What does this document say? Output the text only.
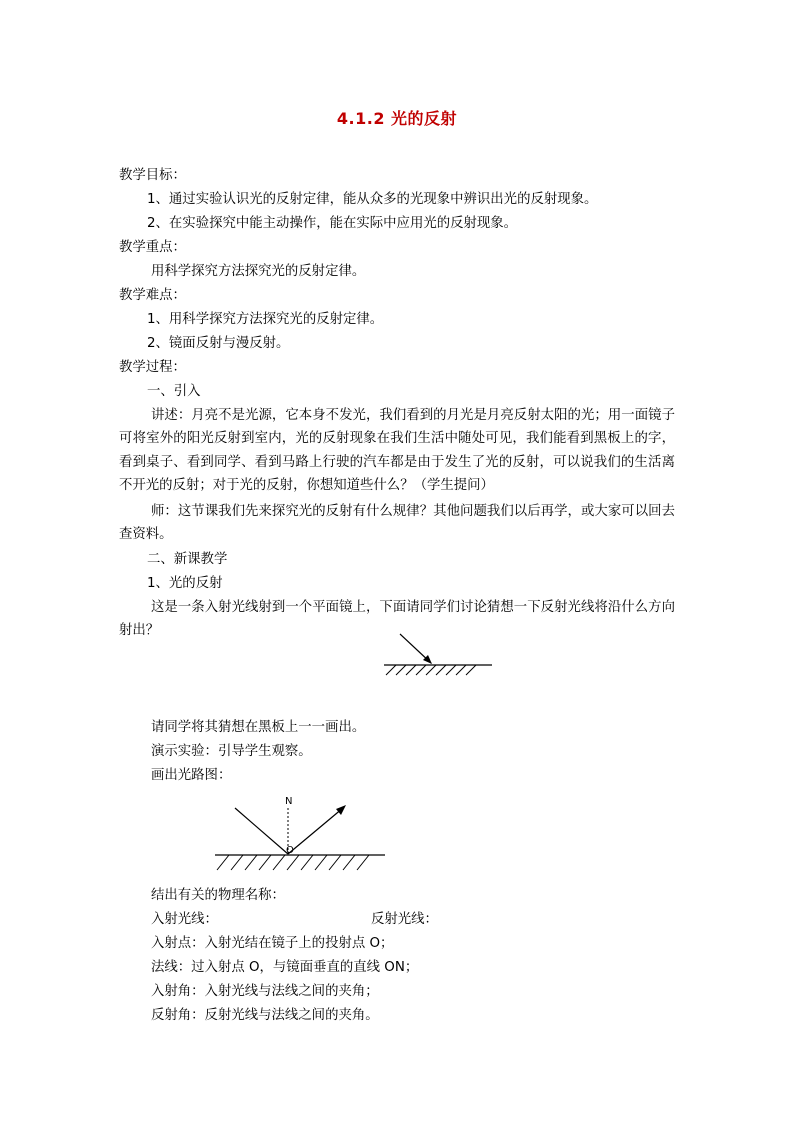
4.1.2 光的反射
教学目标：
1、通过实验认识光的反射定律，能从众多的光现象中辨识出光的反射现象。
2、在实验探究中能主动操作，能在实际中应用光的反射现象。
教学重点：
用科学探究方法探究光的反射定律。
教学难点：
1、用科学探究方法探究光的反射定律。
2、镜面反射与漫反射。
教学过程：
一、引入
讲述：月亮不是光源，它本身不发光，我们看到的月光是月亮反射太阳的光；用一面镜子可将室外的阳光反射到室内，光的反射现象在我们生活中随处可见，我们能看到黑板上的字，看到桌子、看到同学、看到马路上行驶的汽车都是由于发生了光的反射，可以说我们的生活离不开光的反射；对于光的反射，你想知道些什么？（学生提问）
师：这节课我们先来探究光的反射有什么规律？其他问题我们以后再学，或大家可以回去查资料。
二、新课教学
1、光的反射
这是一条入射光线射到一个平面镜上，下面请同学们讨论猜想一下反射光线将沿什么方向射出？
请同学将其猜想在黑板上一一画出。
演示实验：引导学生观察。
画出光路图：
N
O
结出有关的物理名称：
入射光线：	反射光线：
入射点：入射光结在镜子上的投射点 O；
法线：过入射点 O，与镜面垂直的直线 ON；
入射角：入射光线与法线之间的夹角；
反射角：反射光线与法线之间的夹角。
